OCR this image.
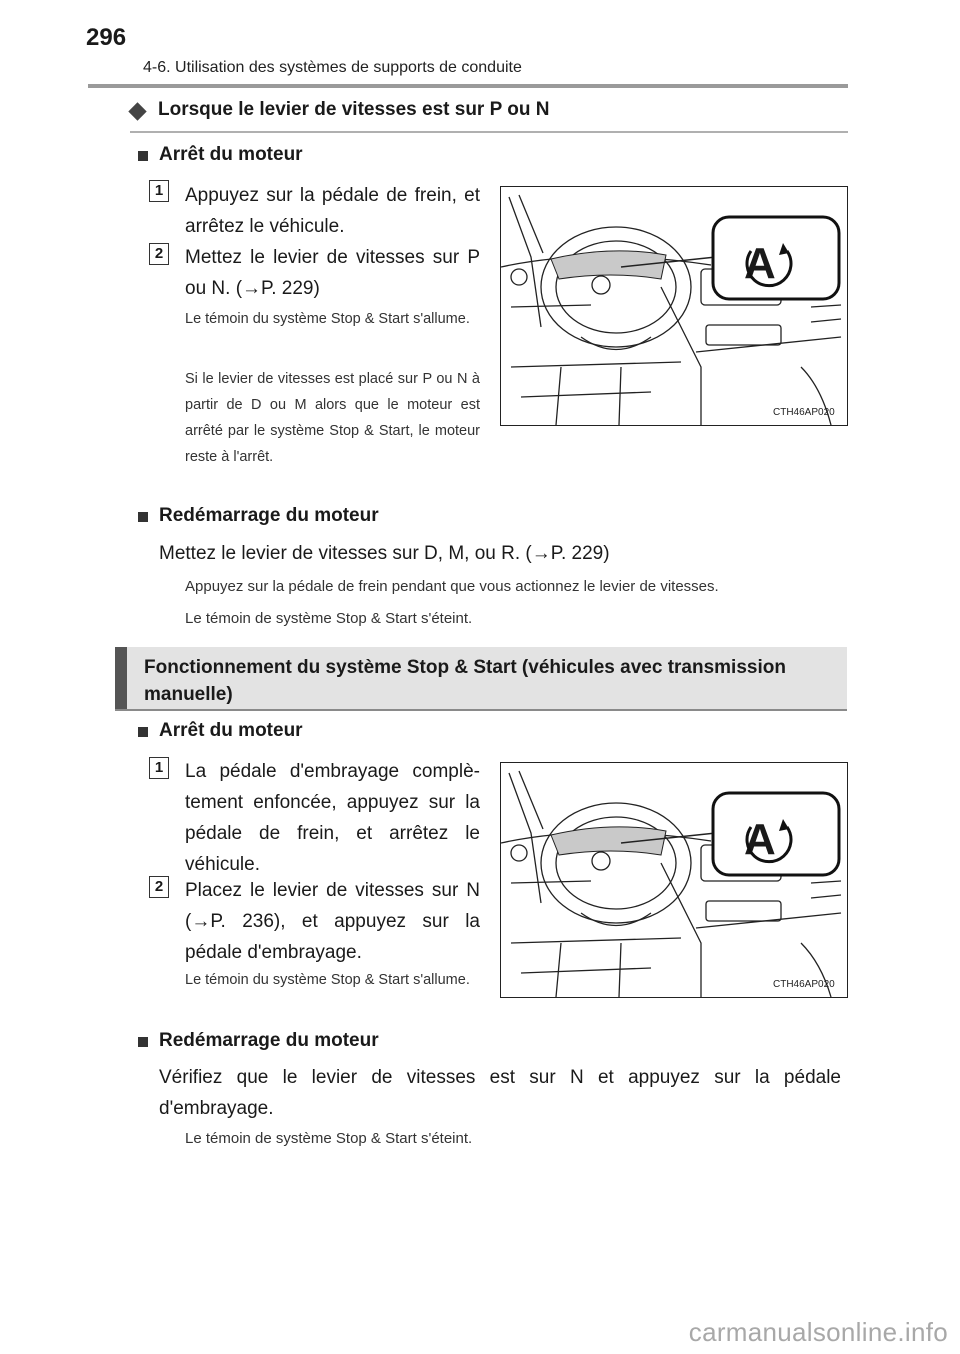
296
4-6. Utilisation des systèmes de supports de conduite
Lorsque le levier de vitesses est sur P ou N
Arrêt du moteur
1	Appuyez sur la pédale de frein, et arrêtez le véhicule.
2	Mettez le levier de vitesses sur P ou N. (→P. 229)
Le témoin du système Stop & Start s'allume.
Si le levier de vitesses est placé sur P ou N à partir de D ou M alors que le moteur est arrêté par le système Stop & Start, le moteur reste à l'arrêt.
A
CTH46AP020
Redémarrage du moteur
Mettez le levier de vitesses sur D, M, ou R. (→P. 229)
Appuyez sur la pédale de frein pendant que vous actionnez le levier de vitesses.
Le témoin de système Stop & Start s'éteint.
Fonctionnement du système Stop & Start (véhicules avec transmission manuelle)
Arrêt du moteur
1	La pédale d'embrayage complè-tement enfoncée, appuyez sur la pédale de frein, et arrêtez le véhicule.
2	Placez le levier de vitesses sur N (→P. 236), et appuyez sur la pédale d'embrayage.
Le témoin du système Stop & Start s'allume.
A
CTH46AP020
Redémarrage du moteur
Vérifiez que le levier de vitesses est sur N et appuyez sur la pédale d'embrayage.
Le témoin de système Stop & Start s'éteint.
carmanualsonline.info
